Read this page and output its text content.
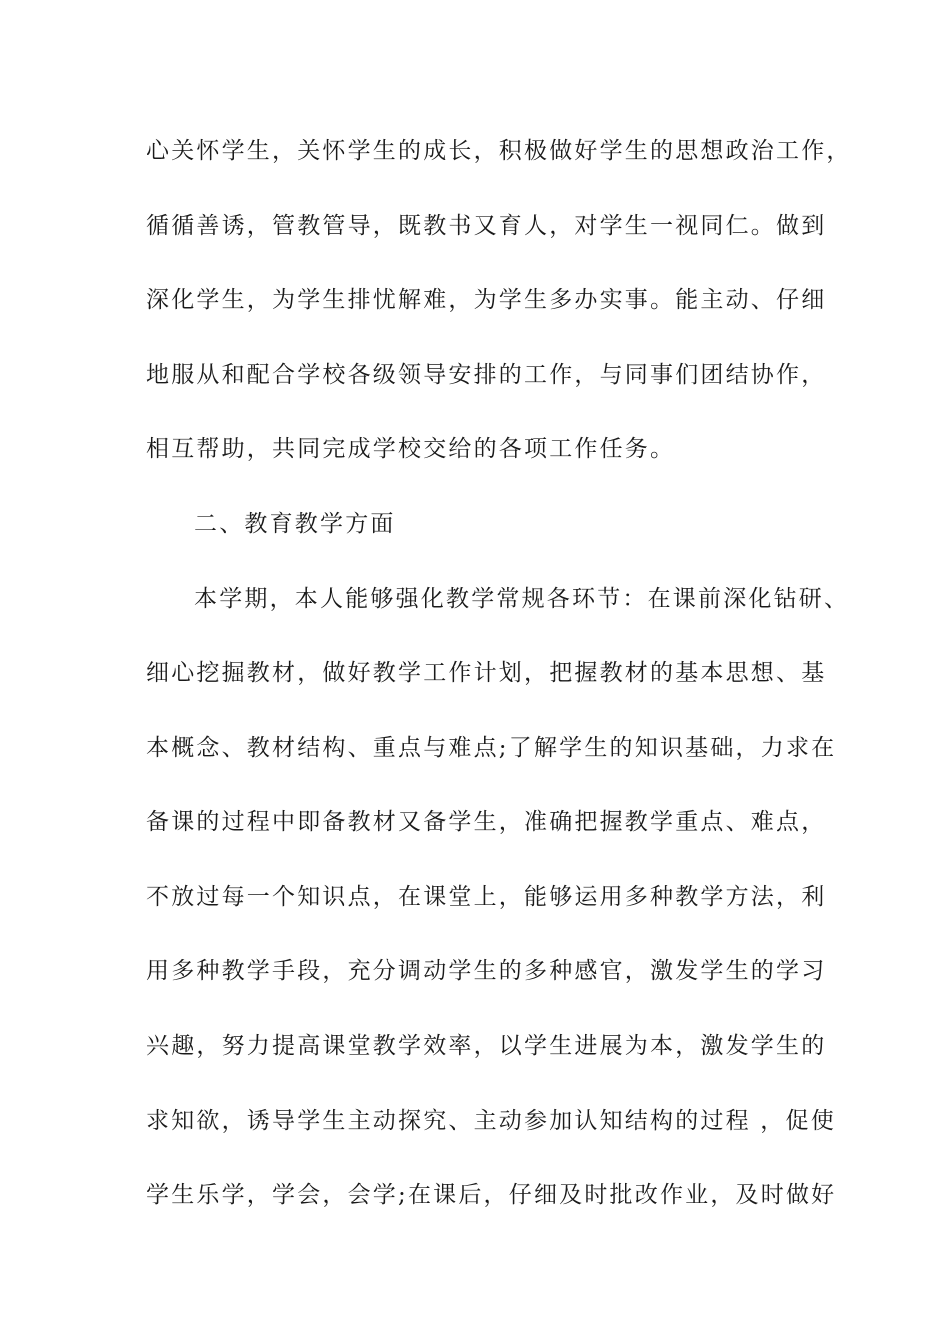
心关怀学生，关怀学生的成长，积极做好学生的思想政治工作，

循循善诱，管教管导，既教书又育人，对学生一视同仁。做到

深化学生，为学生排忧解难，为学生多办实事。能主动、仔细

地服从和配合学校各级领导安排的工作，与同事们团结协作，

相互帮助，共同完成学校交给的各项工作任务。

二、教育教学方面

本学期，本人能够强化教学常规各环节：在课前深化钻研、

细心挖掘教材，做好教学工作计划，把握教材的基本思想、基

本概念、教材结构、重点与难点;了解学生的知识基础，力求在

备课的过程中即备教材又备学生，准确把握教学重点、难点，

不放过每一个知识点，在课堂上，能够运用多种教学方法，利

用多种教学手段，充分调动学生的多种感官，激发学生的学习

兴趣，努力提高课堂教学效率，以学生进展为本，激发学生的

求知欲，诱导学生主动探究、主动参加认知结构的过程 ，促使

学生乐学，学会，会学;在课后，仔细及时批改作业，及时做好
